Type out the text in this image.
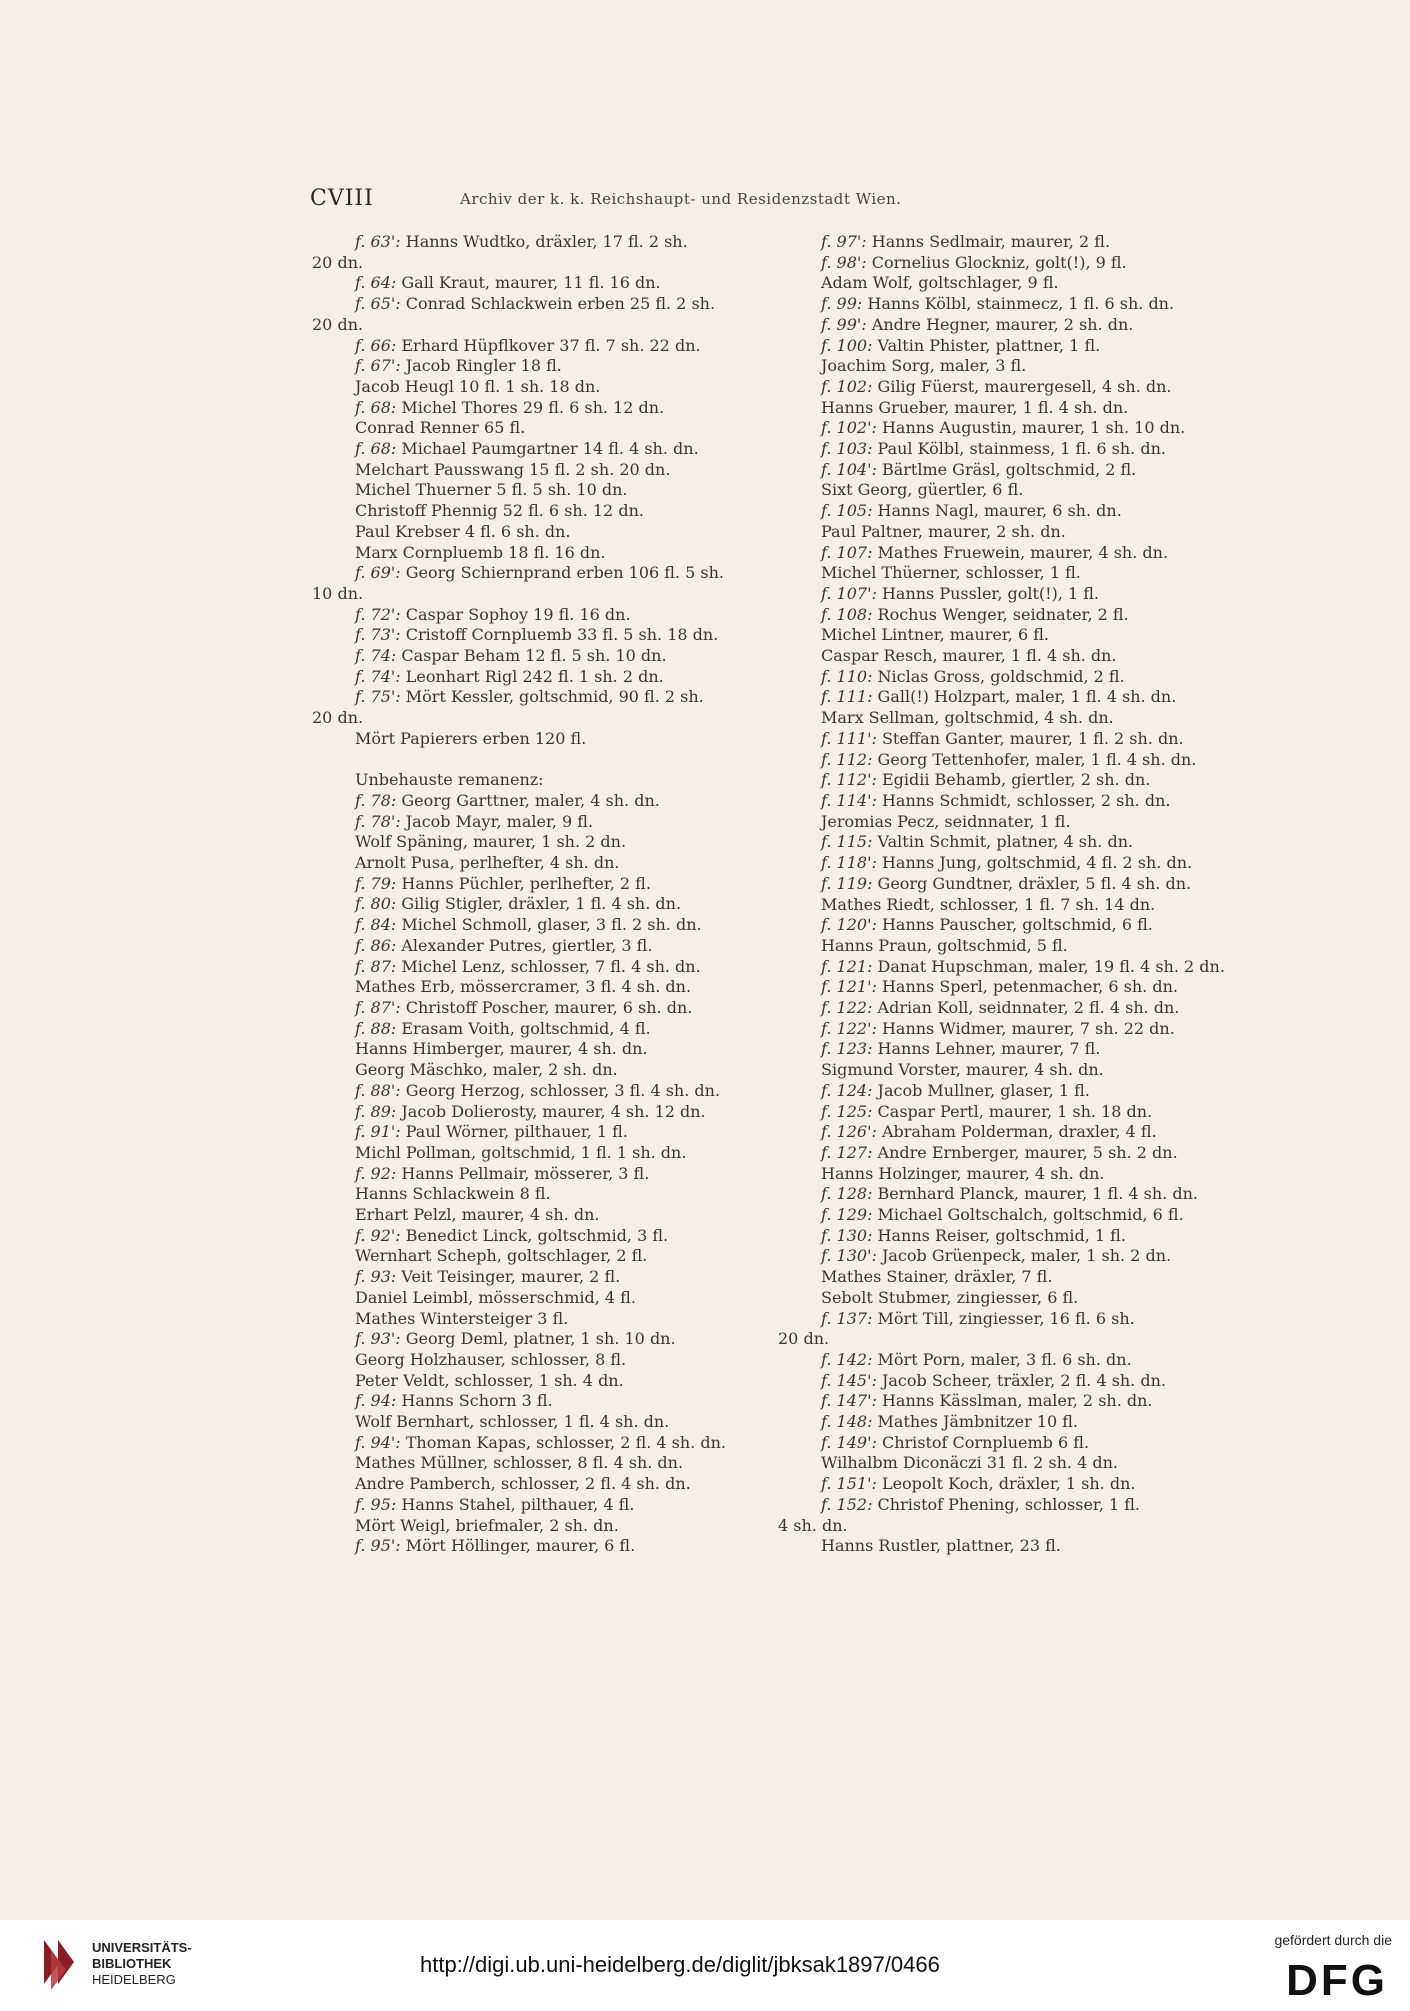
CVIII	Archiv der k. k. Reichshaupt- und Residenzstadt Wien.
f. 63': Hanns Wudtko, dräxler, 17 fl. 2 sh.
20 dn.
f. 64: Gall Kraut, maurer, 11 fl. 16 dn.
f. 65': Conrad Schlackwein erben 25 fl. 2 sh.
20 dn.
f. 66: Erhard Hüpflkover 37 fl. 7 sh. 22 dn.
f. 67': Jacob Ringler 18 fl.
Jacob Heugl 10 fl. 1 sh. 18 dn.
f. 68: Michel Thores 29 fl. 6 sh. 12 dn.
Conrad Renner 65 fl.
f. 68: Michael Paumgartner 14 fl. 4 sh. dn.
Melchart Pausswang 15 fl. 2 sh. 20 dn.
Michel Thuerner 5 fl. 5 sh. 10 dn.
Christoff Phennig 52 fl. 6 sh. 12 dn.
Paul Krebser 4 fl. 6 sh. dn.
Marx Cornpluemb 18 fl. 16 dn.
f. 69': Georg Schiernprand erben 106 fl. 5 sh.
10 dn.
f. 72': Caspar Sophoy 19 fl. 16 dn.
f. 73': Cristoff Cornpluemb 33 fl. 5 sh. 18 dn.
f. 74: Caspar Beham 12 fl. 5 sh. 10 dn.
f. 74': Leonhart Rigl 242 fl. 1 sh. 2 dn.
f. 75': Mört Kessler, goltschmid, 90 fl. 2 sh.
20 dn.
Mört Papierers erben 120 fl.
Unbehauste remanenz:
f. 78: Georg Garttner, maler, 4 sh. dn.
f. 78': Jacob Mayr, maler, 9 fl.
Wolf Späning, maurer, 1 sh. 2 dn.
Arnolt Pusa, perlhefter, 4 sh. dn.
f. 79: Hanns Püchler, perlhefter, 2 fl.
f. 80: Gilig Stigler, dräxler, 1 fl. 4 sh. dn.
f. 84: Michel Schmoll, glaser, 3 fl. 2 sh. dn.
f. 86: Alexander Putres, giertler, 3 fl.
f. 87: Michel Lenz, schlosser, 7 fl. 4 sh. dn.
Mathes Erb, mössercramer, 3 fl. 4 sh. dn.
f. 87': Christoff Poscher, maurer, 6 sh. dn.
f. 88: Erasam Voith, goltschmid, 4 fl.
Hanns Himberger, maurer, 4 sh. dn.
Georg Mäschko, maler, 2 sh. dn.
f. 88': Georg Herzog, schlosser, 3 fl. 4 sh. dn.
f. 89: Jacob Dolierosty, maurer, 4 sh. 12 dn.
f. 91': Paul Wörner, pilthauer, 1 fl.
Michl Pollman, goltschmid, 1 fl. 1 sh. dn.
f. 92: Hanns Pellmair, mösserer, 3 fl.
Hanns Schlackwein 8 fl.
Erhart Pelzl, maurer, 4 sh. dn.
f. 92': Benedict Linck, goltschmid, 3 fl.
Wernhart Scheph, goltschlager, 2 fl.
f. 93: Veit Teisinger, maurer, 2 fl.
Daniel Leimbl, mösserschmid, 4 fl.
Mathes Wintersteiger 3 fl.
f. 93': Georg Deml, platner, 1 sh. 10 dn.
Georg Holzhauser, schlosser, 8 fl.
Peter Veldt, schlosser, 1 sh. 4 dn.
f. 94: Hanns Schorn 3 fl.
Wolf Bernhart, schlosser, 1 fl. 4 sh. dn.
f. 94': Thoman Kapas, schlosser, 2 fl. 4 sh. dn.
Mathes Müllner, schlosser, 8 fl. 4 sh. dn.
Andre Pamberch, schlosser, 2 fl. 4 sh. dn.
f. 95: Hanns Stahel, pilthauer, 4 fl.
Mört Weigl, briefmaler, 2 sh. dn.
f. 95': Mört Höllinger, maurer, 6 fl.
f. 97': Hanns Sedlmair, maurer, 2 fl.
f. 98': Cornelius Glockniz, golt(!), 9 fl.
Adam Wolf, goltschlager, 9 fl.
f. 99: Hanns Kölbl, stainmecz, 1 fl. 6 sh. dn.
f. 99': Andre Hegner, maurer, 2 sh. dn.
f. 100: Valtin Phister, plattner, 1 fl.
Joachim Sorg, maler, 3 fl.
f. 102: Gilig Füerst, maurergesell, 4 sh. dn.
Hanns Grueber, maurer, 1 fl. 4 sh. dn.
f. 102': Hanns Augustin, maurer, 1 sh. 10 dn.
f. 103: Paul Kölbl, stainmess, 1 fl. 6 sh. dn.
f. 104': Bärtlme Gräsl, goltschmid, 2 fl.
Sixt Georg, güertler, 6 fl.
f. 105: Hanns Nagl, maurer, 6 sh. dn.
Paul Paltner, maurer, 2 sh. dn.
f. 107: Mathes Fruewein, maurer, 4 sh. dn.
Michel Thüerner, schlosser, 1 fl.
f. 107': Hanns Pussler, golt(!), 1 fl.
f. 108: Rochus Wenger, seidnater, 2 fl.
Michel Lintner, maurer, 6 fl.
Caspar Resch, maurer, 1 fl. 4 sh. dn.
f. 110: Niclas Gross, goldschmid, 2 fl.
f. 111: Gall(!) Holzpart, maler, 1 fl. 4 sh. dn.
Marx Sellman, goltschmid, 4 sh. dn.
f. 111': Steffan Ganter, maurer, 1 fl. 2 sh. dn.
f. 112: Georg Tettenhofer, maler, 1 fl. 4 sh. dn.
f. 112': Egidii Behamb, giertler, 2 sh. dn.
f. 114': Hanns Schmidt, schlosser, 2 sh. dn.
Jeromias Pecz, seidnnater, 1 fl.
f. 115: Valtin Schmit, platner, 4 sh. dn.
f. 118': Hanns Jung, goltschmid, 4 fl. 2 sh. dn.
f. 119: Georg Gundtner, dräxler, 5 fl. 4 sh. dn.
Mathes Riedt, schlosser, 1 fl. 7 sh. 14 dn.
f. 120': Hanns Pauscher, goltschmid, 6 fl.
Hanns Praun, goltschmid, 5 fl.
f. 121: Danat Hupschman, maler, 19 fl. 4 sh. 2 dn.
f. 121': Hanns Sperl, petenmacher, 6 sh. dn.
f. 122: Adrian Koll, seidnnater, 2 fl. 4 sh. dn.
f. 122': Hanns Widmer, maurer, 7 sh. 22 dn.
f. 123: Hanns Lehner, maurer, 7 fl.
Sigmund Vorster, maurer, 4 sh. dn.
f. 124: Jacob Mullner, glaser, 1 fl.
f. 125: Caspar Pertl, maurer, 1 sh. 18 dn.
f. 126': Abraham Polderman, draxler, 4 fl.
f. 127: Andre Ernberger, maurer, 5 sh. 2 dn.
Hanns Holzinger, maurer, 4 sh. dn.
f. 128: Bernhard Planck, maurer, 1 fl. 4 sh. dn.
f. 129: Michael Goltschalch, goltschmid, 6 fl.
f. 130: Hanns Reiser, goltschmid, 1 fl.
f. 130': Jacob Grüenpeck, maler, 1 sh. 2 dn.
Mathes Stainer, dräxler, 7 fl.
Sebolt Stubmer, zingiesser, 6 fl.
f. 137: Mört Till, zingiesser, 16 fl. 6 sh.
20 dn.
f. 142: Mört Porn, maler, 3 fl. 6 sh. dn.
f. 145': Jacob Scheer, träxler, 2 fl. 4 sh. dn.
f. 147': Hanns Kässlman, maler, 2 sh. dn.
f. 148: Mathes Jämbnitzer 10 fl.
f. 149': Christof Cornpluemb 6 fl.
Wilhalbm Diconäczi 31 fl. 2 sh. 4 dn.
f. 151': Leopolt Koch, dräxler, 1 sh. dn.
f. 152: Christof Phening, schlosser, 1 fl.
4 sh. dn.
Hanns Rustler, plattner, 23 fl.
UNIVERSITÄTS-
BIBLIOTHEK
HEIDELBERG
http://digi.ub.uni-heidelberg.de/diglit/jbksak1897/0466
gefördert durch die
DFG
